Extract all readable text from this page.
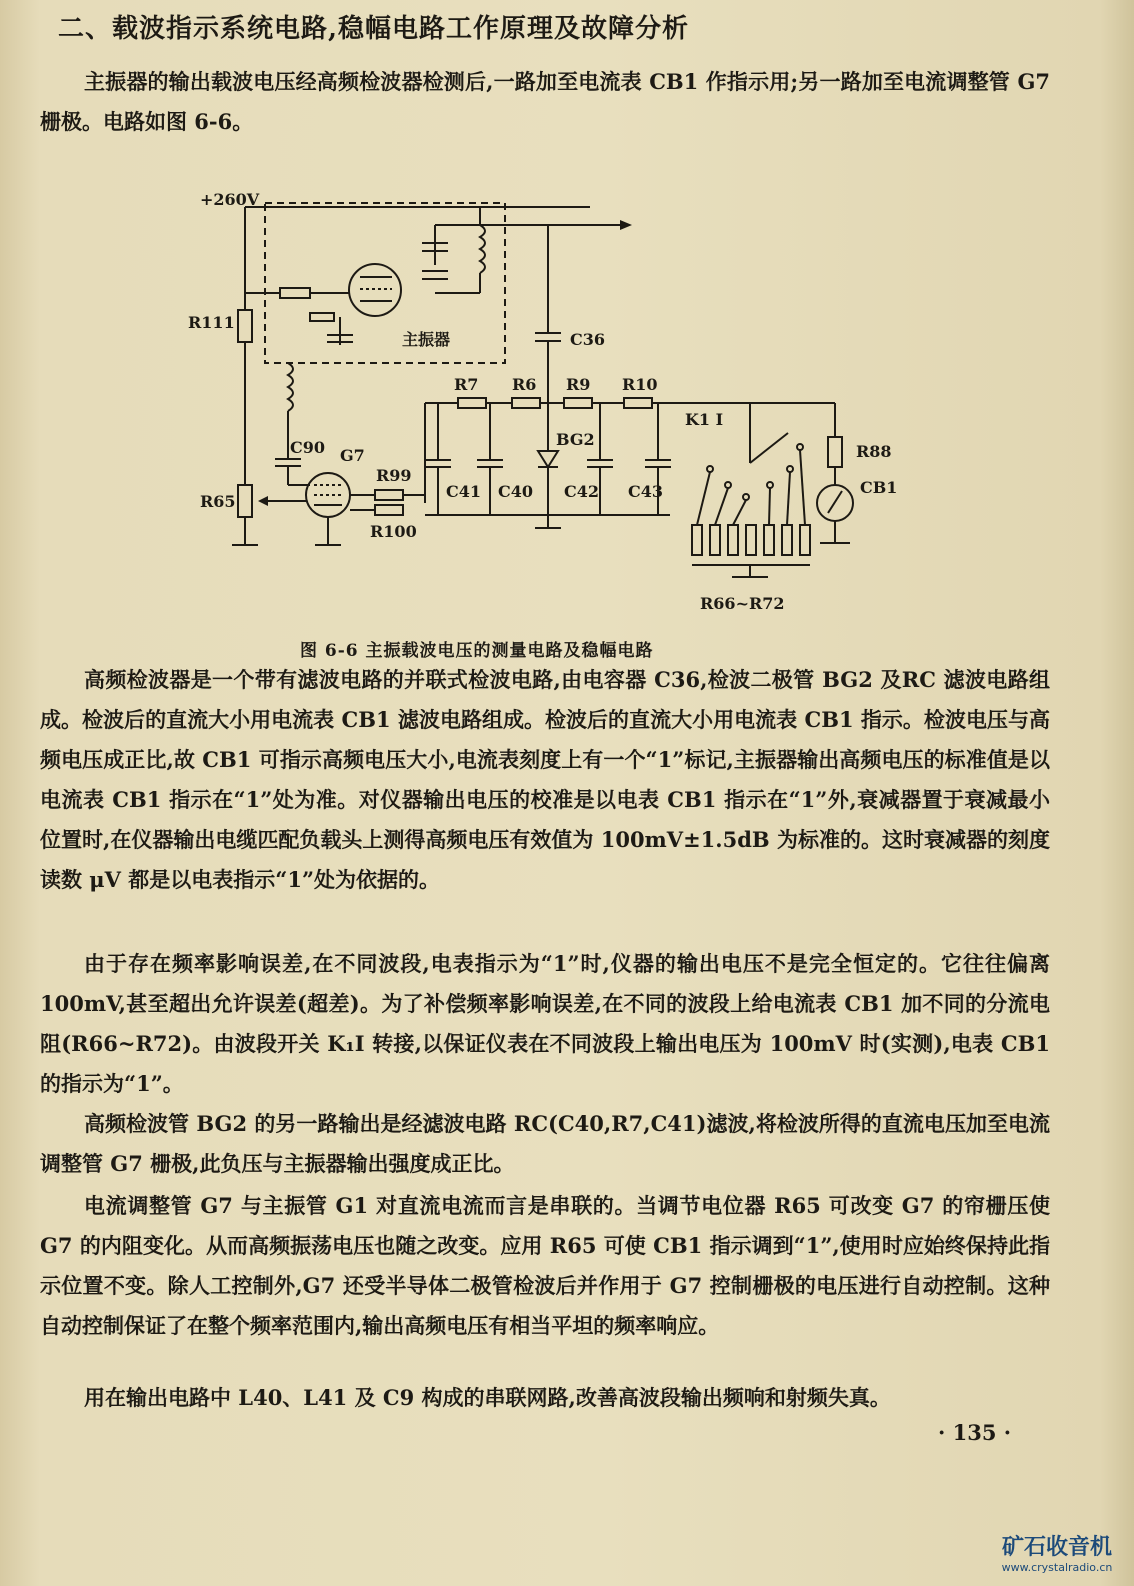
二、载波指示系统电路,稳幅电路工作原理及故障分析

主振器的输出载波电压经高频检波器检测后,一路加至电流表 CB1 作指示用;另一路加至电流调整管 G7 栅极。电路如图 6-6。

+260V
R111
主振器	C36
R7 R6 R9 R10
C41 C40 C42 C43
BG2
C90 G7
R99
R100
R65
K1 I
R66~R72
R88
CB1
图 6-6 主振载波电压的测量电路及稳幅电路

高频检波器是一个带有滤波电路的并联式检波电路,由电容器 C36,检波二极管 BG2 及RC 滤波电路组成。检波后的直流大小用电流表 CB1 滤波电路组成。检波后的直流大小用电流表 CB1 指示。检波电压与高频电压成正比,故 CB1 可指示高频电压大小,电流表刻度上有一个“1”标记,主振器输出高频电压的标准值是以电流表 CB1 指示在“1”处为准。对仪器输出电压的校准是以电表 CB1 指示在“1”外,衰减器置于衰减最小位置时,在仪器输出电缆匹配负载头上测得高频电压有效值为 100mV±1.5dB 为标准的。这时衰减器的刻度读数 μV 都是以电表指示“1”处为依据的。

由于存在频率影响误差,在不同波段,电表指示为“1”时,仪器的输出电压不是完全恒定的。它往往偏离 100mV,甚至超出允许误差(超差)。为了补偿频率影响误差,在不同的波段上给电流表 CB1 加不同的分流电阻(R66~R72)。由波段开关 K₁I 转接,以保证仪表在不同波段上输出电压为 100mV 时(实测),电表 CB1 的指示为“1”。

高频检波管 BG2 的另一路输出是经滤波电路 RC(C40,R7,C41)滤波,将检波所得的直流电压加至电流调整管 G7 栅极,此负压与主振器输出强度成正比。

电流调整管 G7 与主振管 G1 对直流电流而言是串联的。当调节电位器 R65 可改变 G7 的帘栅压使 G7 的内阻变化。从而高频振荡电压也随之改变。应用 R65 可使 CB1 指示调到“1”,使用时应始终保持此指示位置不变。除人工控制外,G7 还受半导体二极管检波后并作用于 G7 控制栅极的电压进行自动控制。这种自动控制保证了在整个频率范围内,输出高频电压有相当平坦的频率响应。

用在输出电路中 L40、L41 及 C9 构成的串联网路,改善高波段输出频响和射频失真。

· 135 ·
矿石收音机
www.crystalradio.cn
